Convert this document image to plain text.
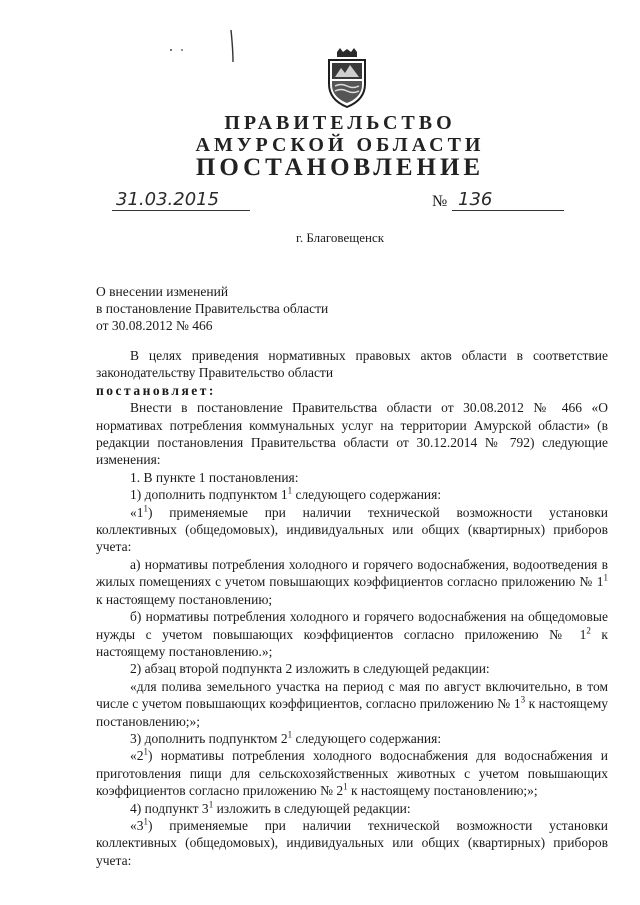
ПРАВИТЕЛЬСТВО
АМУРСКОЙ ОБЛАСТИ
ПОСТАНОВЛЕНИЕ
31.03.2015	№ 136
г. Благовещенск
О внесении изменений
в постановление Правительства области
от 30.08.2012 № 466

В целях приведения нормативных правовых актов области в соответствие законодательству Правительство области

постановляет:

Внести в постановление Правительства области от 30.08.2012 № 466 «О нормативах потребления коммунальных услуг на территории Амурской области» (в редакции постановления Правительства области от 30.12.2014 № 792) следующие изменения:

1. В пункте 1 постановления:

1) дополнить подпунктом $1^1$ следующего содержания:

«$1^1$) применяемые при наличии технической возможности установки коллективных (общедомовых), индивидуальных или общих (квартирных) приборов учета:

а) нормативы потребления холодного и горячего водоснабжения, водоотведения в жилых помещениях с учетом повышающих коэффициентов согласно приложению № $1^1$ к настоящему постановлению;

б) нормативы потребления холодного и горячего водоснабжения на общедомовые нужды с учетом повышающих коэффициентов согласно приложению № $1^2$ к настоящему постановлению.»;

2) абзац второй подпункта 2 изложить в следующей редакции:

«для полива земельного участка на период с мая по август включительно, в том числе с учетом повышающих коэффициентов, согласно приложению № $1^3$ к настоящему постановлению;»;

3) дополнить подпунктом $2^1$ следующего содержания:

«$2^1$) нормативы потребления холодного водоснабжения для водоснабжения и приготовления пищи для сельскохозяйственных животных с учетом повышающих коэффициентов согласно приложению № $2^1$ к настоящему постановлению;»;

4) подпункт $3^1$ изложить в следующей редакции:

«$3^1$) применяемые при наличии технической возможности установки коллективных (общедомовых), индивидуальных или общих (квартирных) приборов учета:
